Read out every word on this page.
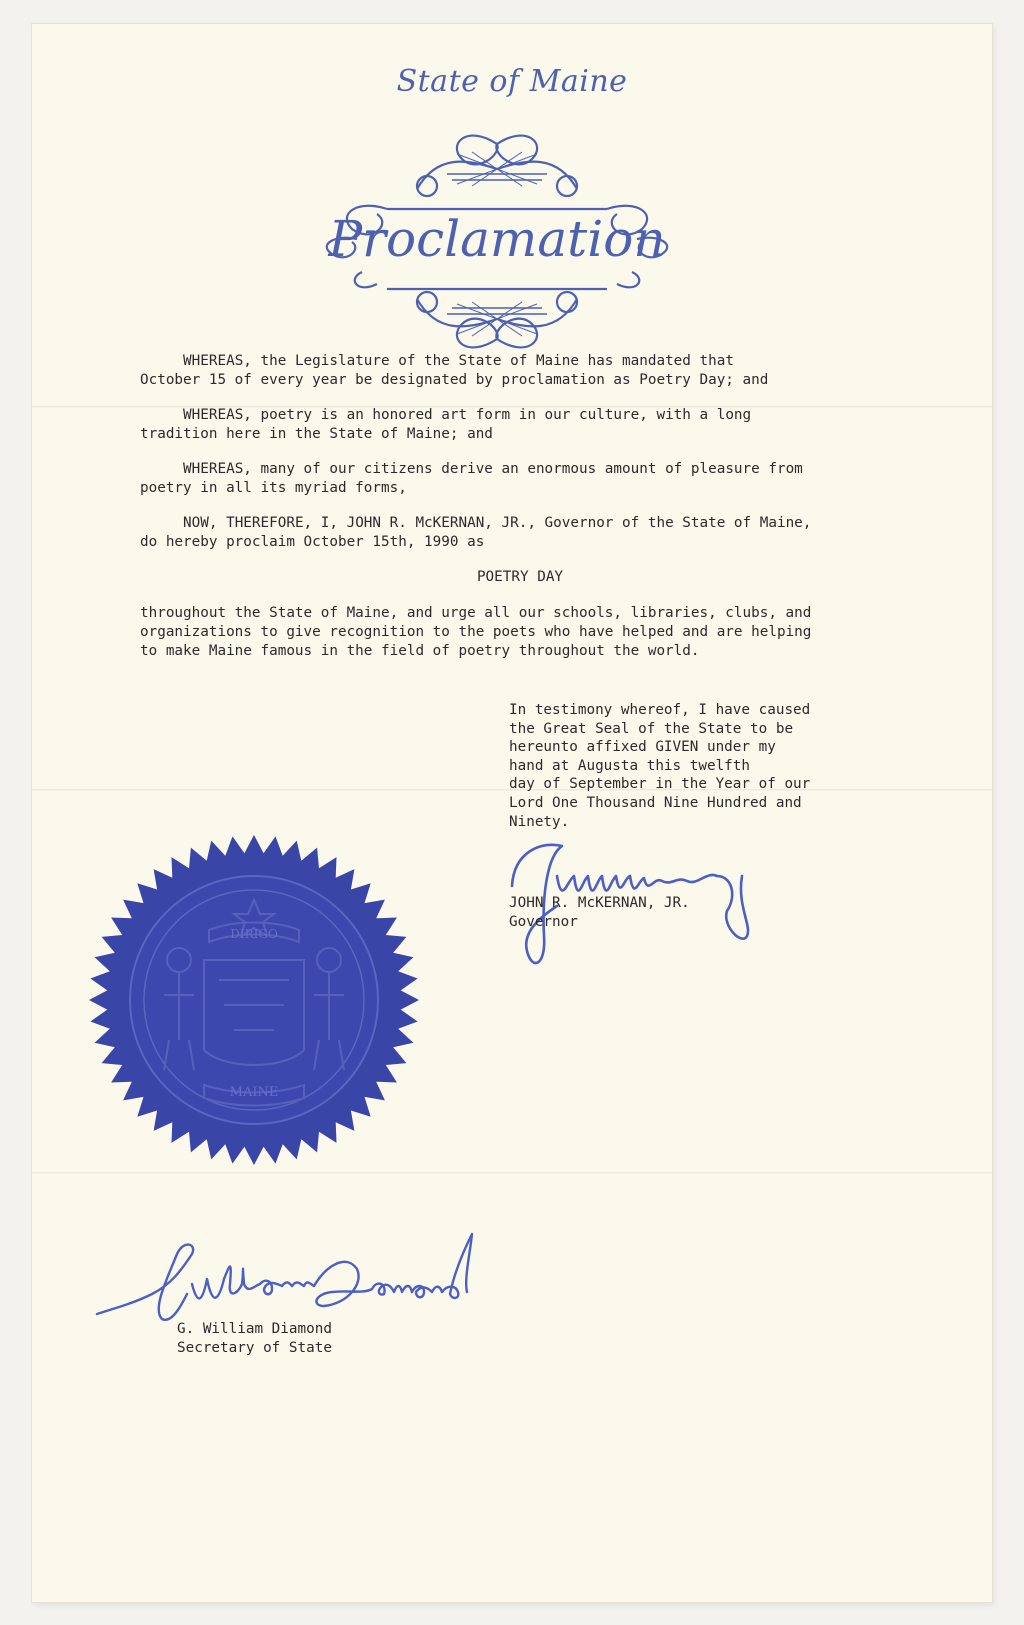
State of Maine
Proclamation
WHEREAS, the Legislature of the State of Maine has mandated that
October 15 of every year be designated by proclamation as Poetry Day; and
WHEREAS, poetry is an honored art form in our culture, with a long
tradition here in the State of Maine; and
WHEREAS, many of our citizens derive an enormous amount of pleasure from
poetry in all its myriad forms,
NOW, THEREFORE, I, JOHN R. McKERNAN, JR., Governor of the State of Maine,
do hereby proclaim October 15th, 1990 as
POETRY DAY
throughout the State of Maine, and urge all our schools, libraries, clubs, and
organizations to give recognition to the poets who have helped and are helping
to make Maine famous in the field of poetry throughout the world.
In testimony whereof, I have caused
the Great Seal of the State to be
hereunto affixed GIVEN under my
hand at Augusta this twelfth
day of September in the Year of our
Lord One Thousand Nine Hundred and
Ninety.
JOHN R. McKERNAN, JR.
Governor
DIRIGO
MAINE
G. William Diamond
Secretary of State
